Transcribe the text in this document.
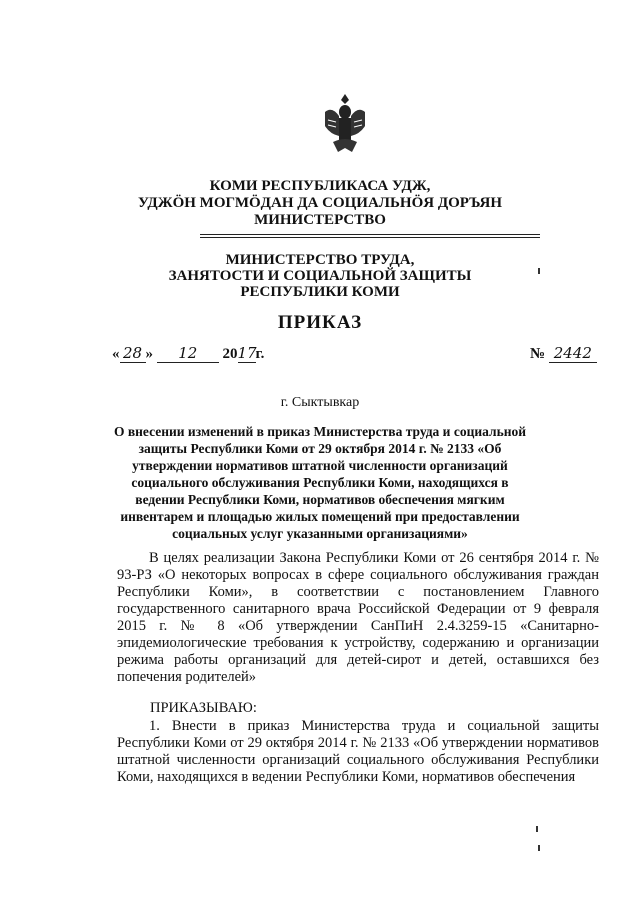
КОМИ РЕСПУБЛИКАСА УДЖ,
УДЖӦН МОГМӦДАН ДА СОЦИАЛЬНӦЯ ДОРЪЯН
МИНИСТЕРСТВО
МИНИСТЕРСТВО ТРУДА,
ЗАНЯТОСТИ И СОЦИАЛЬНОЙ ЗАЩИТЫ
РЕСПУБЛИКИ КОМИ
ПРИКАЗ
« 28 » 12 2017г.	№ 2442
г. Сыктывкар
О внесении изменений в приказ Министерства труда и социальной защиты Республики Коми от 29 октября 2014 г. № 2133 «Об утверждении нормативов штатной численности организаций социального обслуживания Республики Коми, находящихся в ведении Республики Коми, нормативов обеспечения мягким инвентарем и площадью жилых помещений при предоставлении социальных услуг указанными организациями»
В целях реализации Закона Республики Коми от 26 сентября 2014 г. № 93-РЗ «О некоторых вопросах в сфере социального обслуживания граждан Республики Коми», в соответствии с постановлением Главного государственного санитарного врача Российской Федерации от 9 февраля 2015 г. № 8 «Об утверждении СанПиН 2.4.3259-15 «Санитарно-эпидемиологические требования к устройству, содержанию и организации режима работы организаций для детей-сирот и детей, оставшихся без попечения родителей»
ПРИКАЗЫВАЮ:
1. Внести в приказ Министерства труда и социальной защиты Республики Коми от 29 октября 2014 г. № 2133 «Об утверждении нормативов штатной численности организаций социального обслуживания Республики Коми, находящихся в ведении Республики Коми, нормативов обеспечения
